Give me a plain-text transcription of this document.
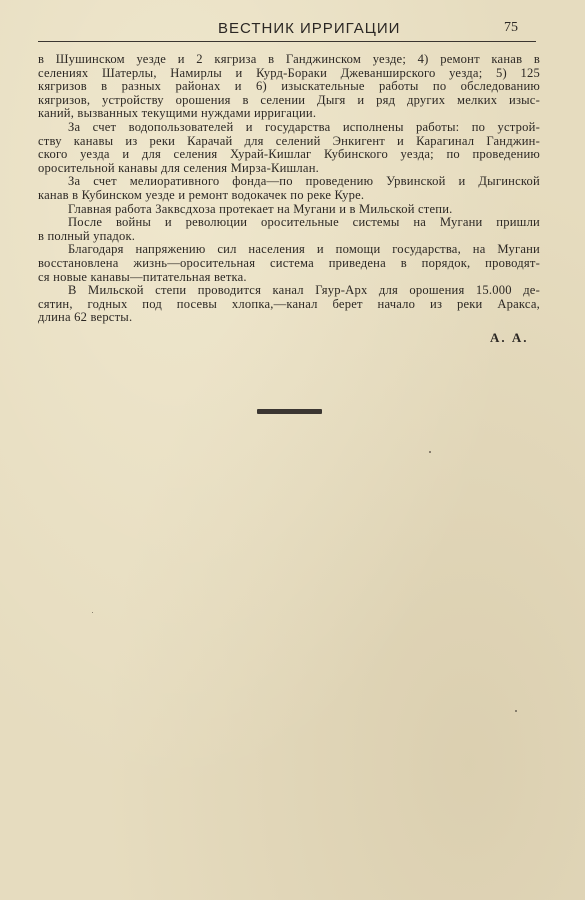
ВЕСТНИК ИРРИГАЦИИ	75

в Шушинском уезде и 2 кягриза в Ганджинском уезде; 4) ремонт канав в
селениях Шатерлы, Намирлы и Курд-Бораки Джеванширского уезда; 5) 125
кягризов в разных районах и 6) изыскательные работы по обследованию
кягризов, устройству орошения в селении Дыгя и ряд других мелких изыс-
каний, вызванных текущими нуждами ирригации.

За счет водопользователей и государства исполнены работы: по устрой-
ству канавы из реки Карачай для селений Энкигент и Карагинал Ганджин-
ского уезда и для селения Хурай-Кишлаг Кубинского уезда; по проведению
оросительной канавы для селения Мирза-Кишлан.

За счет мелиоративного фонда—по проведению Урвинской и Дыгинской
канав в Кубинском уезде и ремонт водокачек по реке Куре.

Главная работа Заквсдхоза протекает на Мугани и в Мильской степи.

После войны и революции оросительные системы на Мугани пришли
в полный упадок.

Благодаря напряжению сил населения и помощи государства, на Мугани
восстановлена жизнь—оросительная система приведена в порядок, проводят-
ся новые канавы—питательная ветка.

В Мильской степи проводится канал Гяур-Арх для орошения 15.000 де-
сятин, годных под посевы хлопка,—канал берет начало из реки Аракса,
длина 62 версты.

А. А.
